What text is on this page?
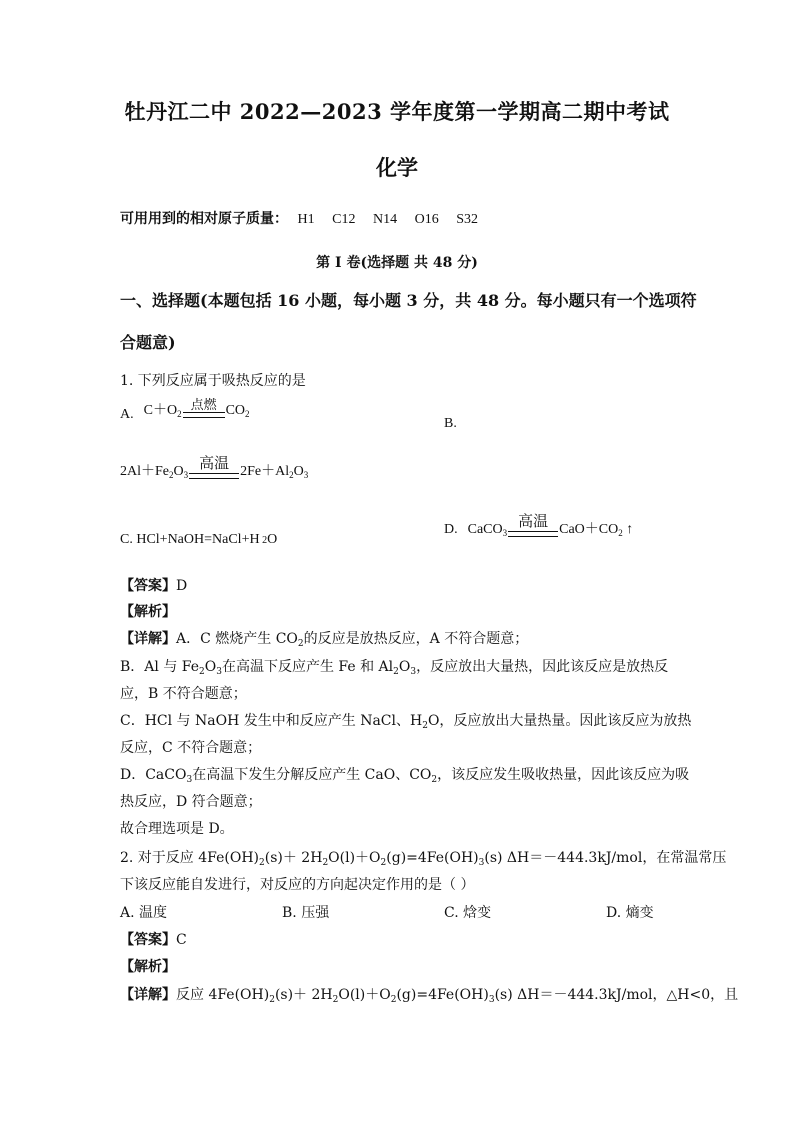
牡丹江二中 2022—2023 学年度第一学期高二期中考试
化学
可用用到的相对原子质量： H1 C12 N14 O16 S32
第 I 卷(选择题 共 48 分)
一、选择题(本题包括 16 小题，每小题 3 分，共 48 分。每小题只有一个选项符
合题意)
1. 下列反应属于吸热反应的是
A. $C+O_2$
点燃 $CO_2$
B.
$2Al+Fe_2O_3$
高温 $2Fe+Al_2O_3$
C. HCl+NaOH=NaCl+H 2O
D. CaCO$_3$
高温 $CaO+CO_2$ ↑
【答案】D
【解析】
【详解】A．C 燃烧产生 $CO_2$的反应是放热反应，A 不符合题意；
B．Al 与 $Fe_2O_3$在高温下反应产生 Fe 和 $Al_2O_3$，反应放出大量热，因此该反应是放热反
应，B 不符合题意；
C．HCl 与 NaOH 发生中和反应产生 NaCl、$H_2O$，反应放出大量热量。因此该反应为放热
反应，C 不符合题意；
D．CaCO$_3$在高温下发生分解反应产生 CaO、$CO_2$，该反应发生吸收热量，因此该反应为吸
热反应，D 符合题意；
故合理选项是 D。
2. 对于反应 $4Fe(OH)_2(s)+ 2H_2O(l)+O_2(g)=4Fe(OH)_3(s)$ ΔH＝－444.3kJ/mol，在常温常压
下该反应能自发进行，对反应的方向起决定作用的是（ ）
A. 温度	B. 压强	C. 焓变	D. 熵变
【答案】C
【解析】
【详解】反应 $4Fe(OH)_2(s)+ 2H_2O(l)+O_2(g)=4Fe(OH)_3(s)$ ΔH＝－444.3kJ/mol，△H<0，且
